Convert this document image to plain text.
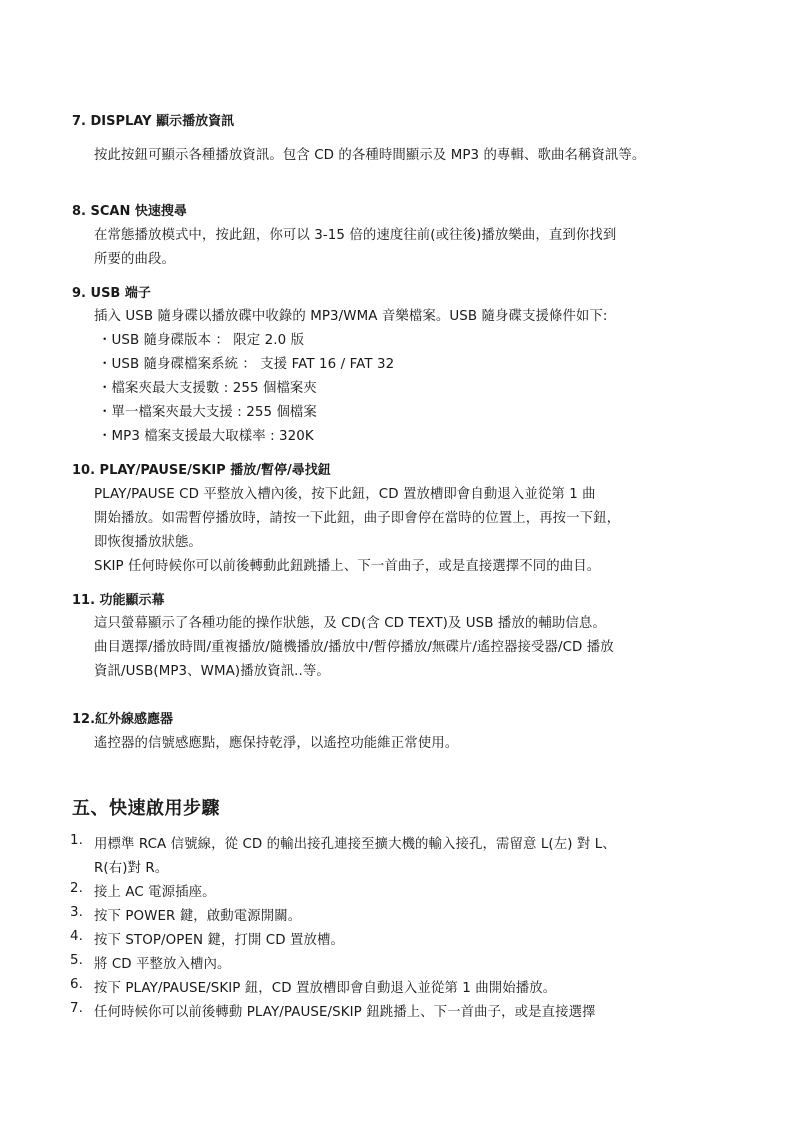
7. DISPLAY 顯示播放資訊
按此按鈕可顯示各種播放資訊。包含 CD 的各種時間顯示及 MP3 的專輯、歌曲名稱資訊等。
8. SCAN 快速搜尋
在常態播放模式中，按此鈕，你可以 3-15 倍的速度往前(或往後)播放樂曲，直到你找到
所要的曲段。
9. USB 端子
插入 USB 隨身碟以播放碟中收錄的 MP3/WMA 音樂檔案。USB 隨身碟支援條件如下:
・USB 隨身碟版本 ： 限定 2.0 版
・USB 隨身碟檔案系統 ： 支援 FAT 16 / FAT 32
・檔案夾最大支援數 : 255 個檔案夾
・單一檔案夾最大支援 : 255 個檔案
・MP3 檔案支援最大取樣率 : 320K
10. PLAY/PAUSE/SKIP 播放/暫停/尋找鈕
PLAY/PAUSE CD 平整放入槽內後，按下此鈕，CD 置放槽即會自動退入並從第 1 曲
開始播放。如需暫停播放時，請按一下此鈕，曲子即會停在當時的位置上，再按一下鈕，
即恢復播放狀態。
SKIP 任何時候你可以前後轉動此鈕跳播上、下一首曲子，或是直接選擇不同的曲目。
11. 功能顯示幕
這只螢幕顯示了各種功能的操作狀態，及 CD(含 CD TEXT)及 USB 播放的輔助信息。
曲目選擇/播放時間/重複播放/隨機播放/播放中/暫停播放/無碟片/遙控器接受器/CD 播放
資訊/USB(MP3、WMA)播放資訊..等。
12.紅外線感應器
遙控器的信號感應點，應保持乾淨，以遙控功能維正常使用。
五、快速啟用步驟
1. 用標準 RCA 信號線，從 CD 的輸出接孔連接至擴大機的輸入接孔，需留意 L(左) 對 L、
R(右)對 R。
2. 接上 AC 電源插座。
3. 按下 POWER 鍵，啟動電源開關。
4. 按下 STOP/OPEN 鍵，打開 CD 置放槽。
5. 將 CD 平整放入槽內。
6. 按下 PLAY/PAUSE/SKIP 鈕，CD 置放槽即會自動退入並從第 1 曲開始播放。
7. 任何時候你可以前後轉動 PLAY/PAUSE/SKIP 鈕跳播上、下一首曲子，或是直接選擇
